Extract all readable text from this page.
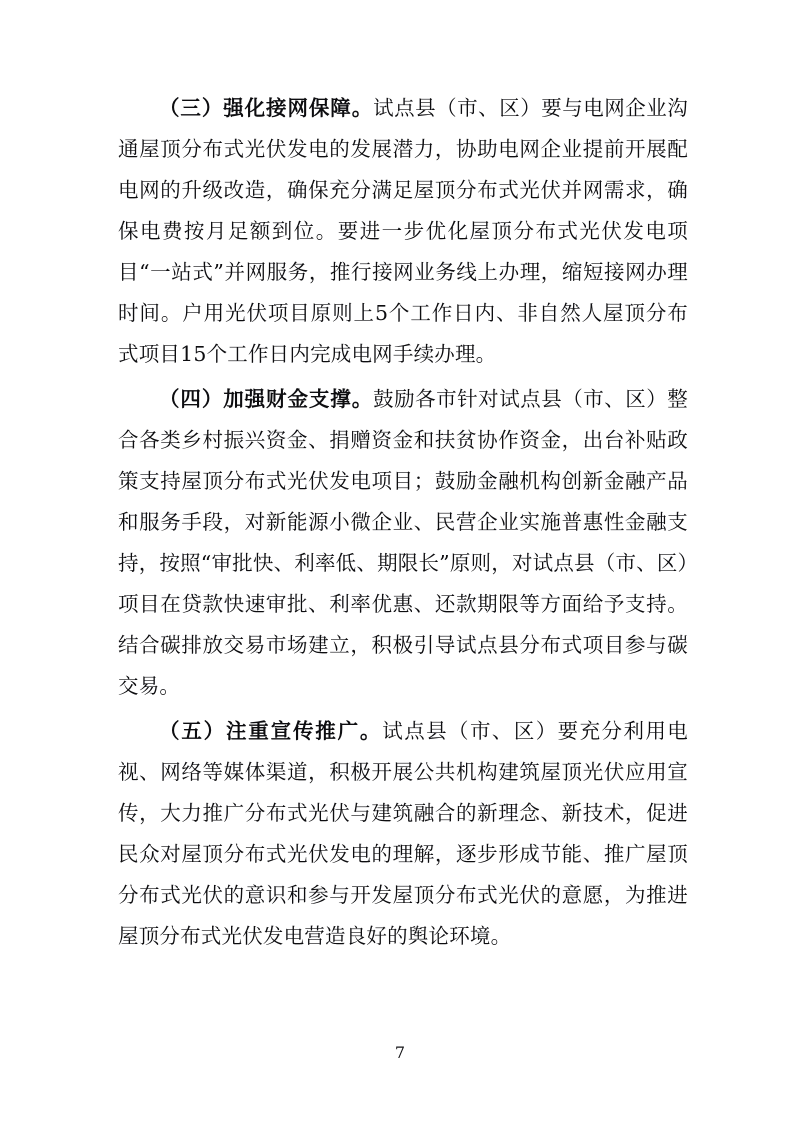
（三）强化接网保障。试点县（市、区）要与电网企业沟通屋顶分布式光伏发电的发展潜力，协助电网企业提前开展配电网的升级改造，确保充分满足屋顶分布式光伏并网需求，确保电费按月足额到位。要进一步优化屋顶分布式光伏发电项目“一站式”并网服务，推行接网业务线上办理，缩短接网办理时间。户用光伏项目原则上5个工作日内、非自然人屋顶分布式项目15个工作日内完成电网手续办理。

（四）加强财金支撑。鼓励各市针对试点县（市、区）整合各类乡村振兴资金、捐赠资金和扶贫协作资金，出台补贴政策支持屋顶分布式光伏发电项目；鼓励金融机构创新金融产品和服务手段，对新能源小微企业、民营企业实施普惠性金融支持，按照“审批快、利率低、期限长”原则，对试点县（市、区）项目在贷款快速审批、利率优惠、还款期限等方面给予支持。结合碳排放交易市场建立，积极引导试点县分布式项目参与碳交易。

（五）注重宣传推广。试点县（市、区）要充分利用电视、网络等媒体渠道，积极开展公共机构建筑屋顶光伏应用宣传，大力推广分布式光伏与建筑融合的新理念、新技术，促进民众对屋顶分布式光伏发电的理解，逐步形成节能、推广屋顶分布式光伏的意识和参与开发屋顶分布式光伏的意愿，为推进屋顶分布式光伏发电营造良好的舆论环境。

7
